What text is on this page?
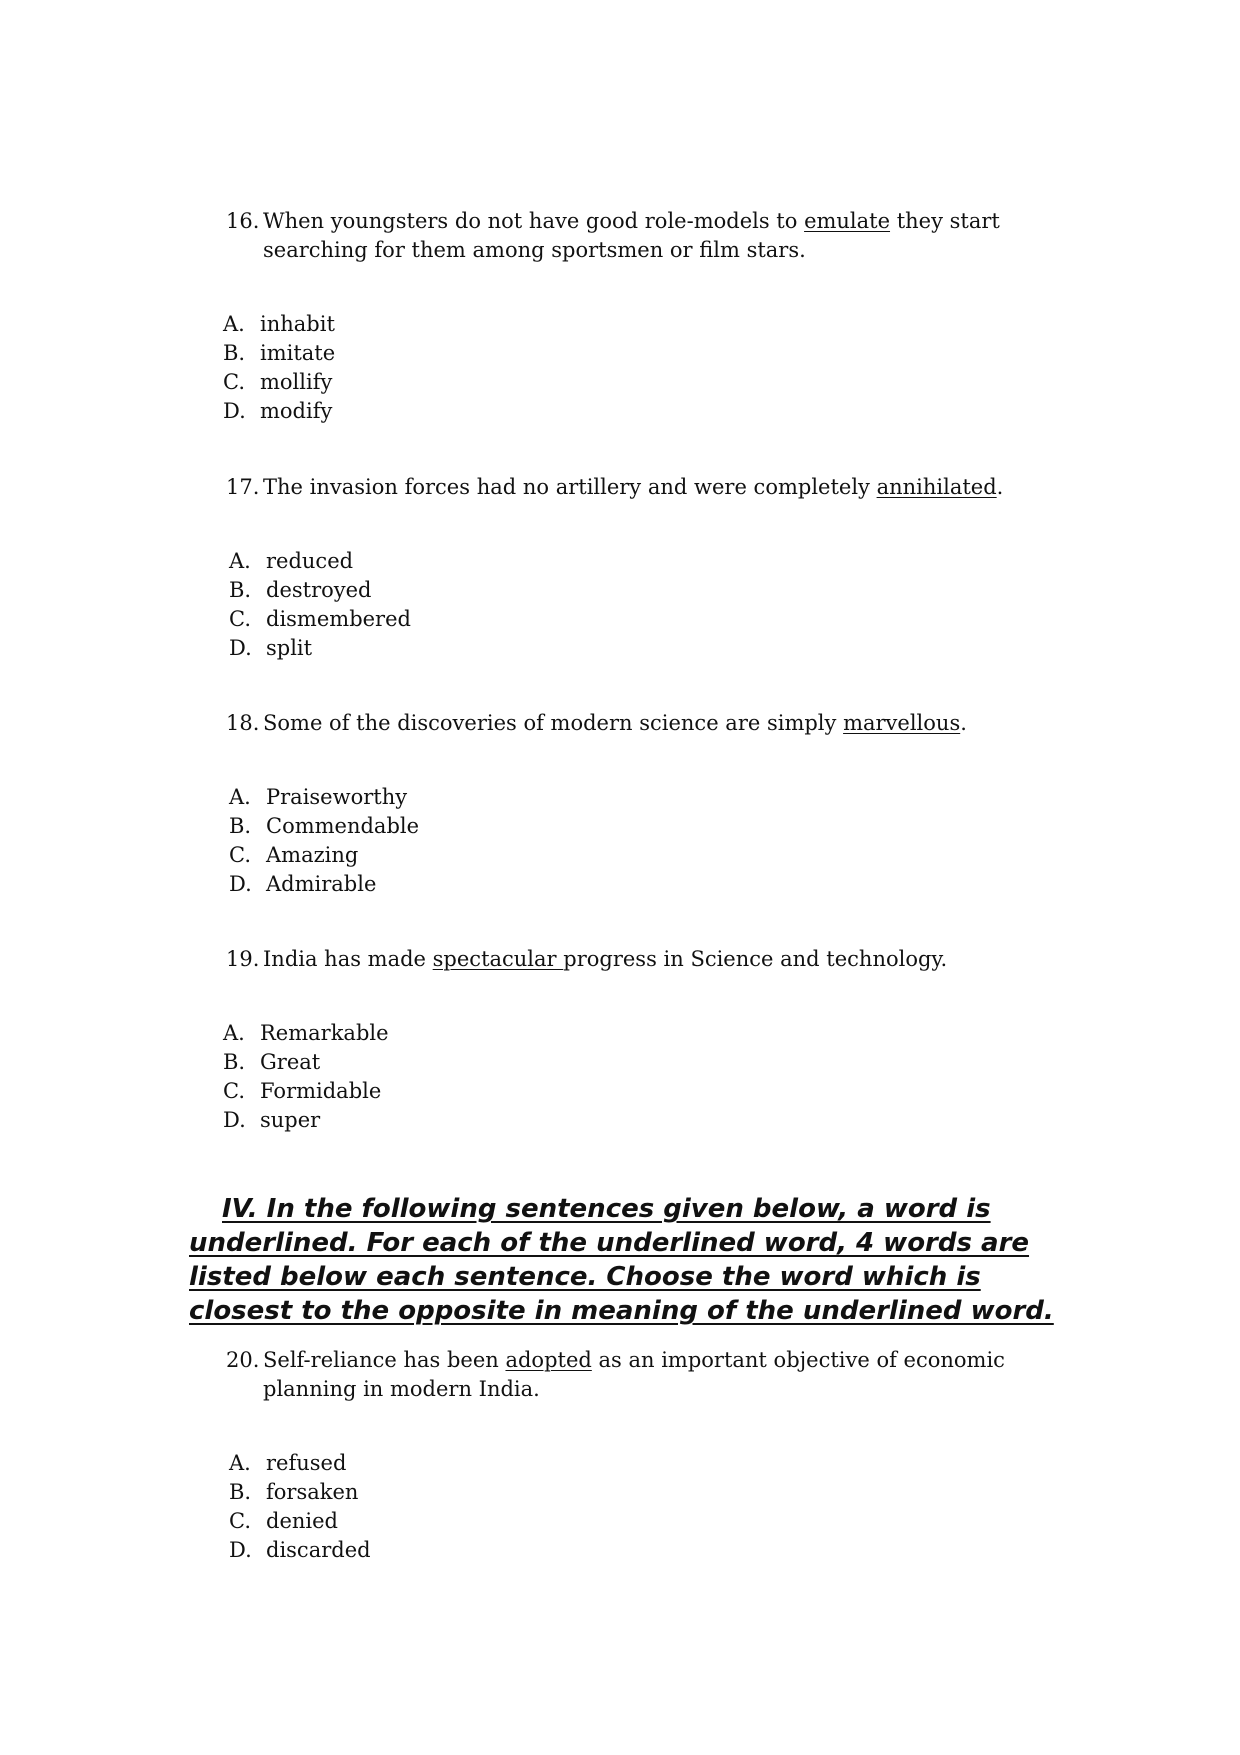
16. When youngsters do not have good role-models to emulate they start searching for them among sportsmen or film stars.
A. inhabit
B. imitate
C. mollify
D. modify
17. The invasion forces had no artillery and were completely annihilated.
A. reduced
B. destroyed
C. dismembered
D. split
18. Some of the discoveries of modern science are simply marvellous.
A. Praiseworthy
B. Commendable
C. Amazing
D. Admirable
19. India has made spectacular progress in Science and technology.
A. Remarkable
B. Great
C. Formidable
D. super
IV. In the following sentences given below, a word is underlined. For each of the underlined word, 4 words are listed below each sentence. Choose the word which is closest to the opposite in meaning of the underlined word.
20. Self-reliance has been adopted as an important objective of economic planning in modern India.
A. refused
B. forsaken
C. denied
D. discarded
